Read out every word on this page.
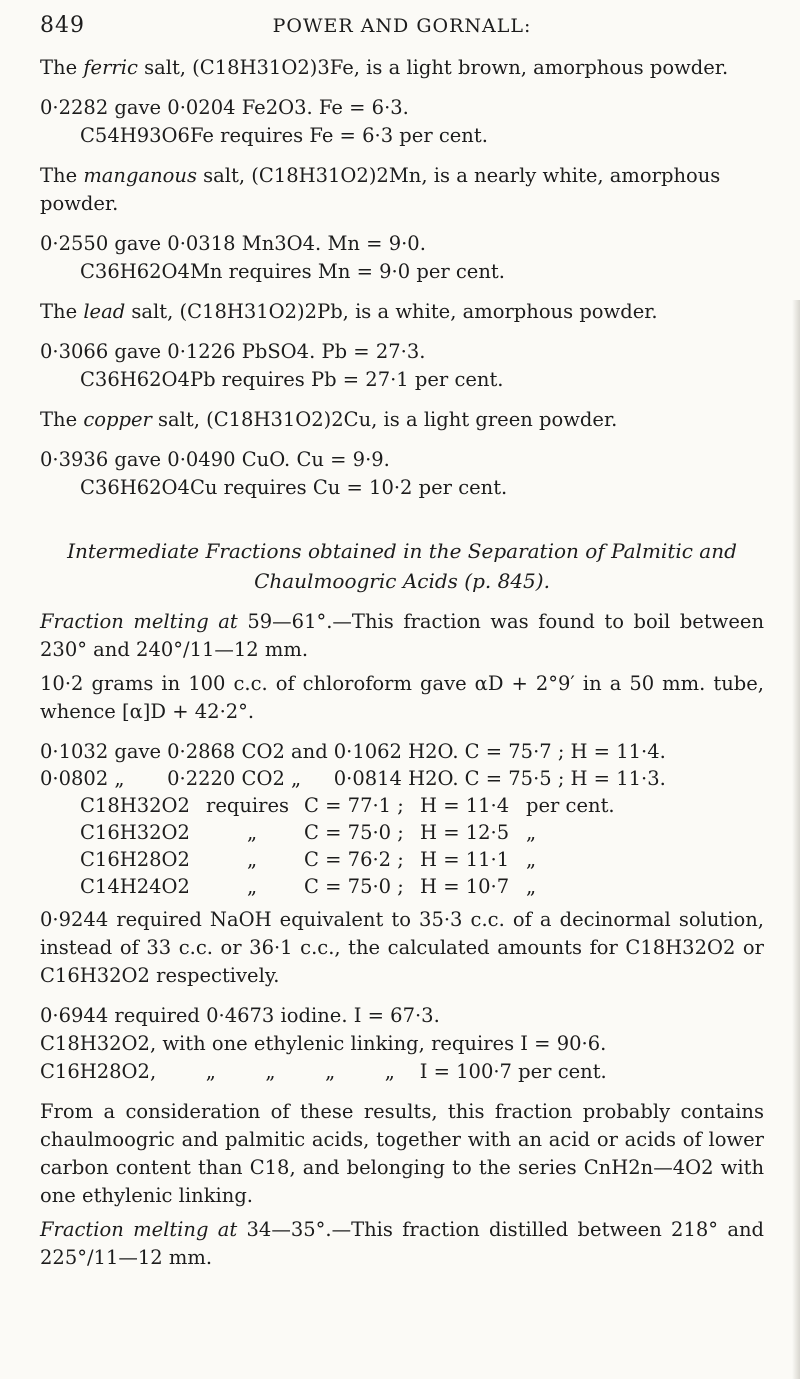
849	POWER AND GORNALL:

The ferric salt, (C18H31O2)3Fe, is a light brown, amorphous powder.

0·2282 gave 0·0204 Fe2O3. Fe = 6·3.

C54H93O6Fe requires Fe = 6·3 per cent.

The manganous salt, (C18H31O2)2Mn, is a nearly white, amorphous powder.

0·2550 gave 0·0318 Mn3O4. Mn = 9·0.

C36H62O4Mn requires Mn = 9·0 per cent.

The lead salt, (C18H31O2)2Pb, is a white, amorphous powder.

0·3066 gave 0·1226 PbSO4. Pb = 27·3.

C36H62O4Pb requires Pb = 27·1 per cent.

The copper salt, (C18H31O2)2Cu, is a light green powder.

0·3936 gave 0·0490 CuO. Cu = 9·9.

C36H62O4Cu requires Cu = 10·2 per cent.

Intermediate Fractions obtained in the Separation of Palmitic and
Chaulmoogric Acids (p. 845).

Fraction melting at 59—61°.—This fraction was found to boil between 230° and 240°/11—12 mm.

10·2 grams in 100 c.c. of chloroform gave αD + 2°9′ in a 50 mm. tube, whence [α]D + 42·2°.

0·1032 gave	0·2868 CO2 and	0·1062 H2O.	C = 75·7 ;	H = 11·4.
0·0802 „	0·2220 CO2 „	0·0814 H2O.	C = 75·5 ;	H = 11·3.
C18H32O2	requires	C = 77·1 ;	H = 11·4	per cent.
C16H32O2	„	C = 75·0 ;	H = 12·5	„
C16H28O2	„	C = 76·2 ;	H = 11·1	„
C14H24O2	„	C = 75·0 ;	H = 10·7	„

0·9244 required NaOH equivalent to 35·3 c.c. of a decinormal solution, instead of 33 c.c. or 36·1 c.c., the calculated amounts for C18H32O2 or C16H32O2 respectively.

0·6944 required 0·4673 iodine. I = 67·3.

C18H32O2, with one ethylenic linking, requires I = 90·6.

C16H28O2,        „        „        „        „    I = 100·7 per cent.

From a consideration of these results, this fraction probably contains chaulmoogric and palmitic acids, together with an acid or acids of lower carbon content than C18, and belonging to the series CnH2n—4O2 with one ethylenic linking.

Fraction melting at 34—35°.—This fraction distilled between 218° and 225°/11—12 mm.
